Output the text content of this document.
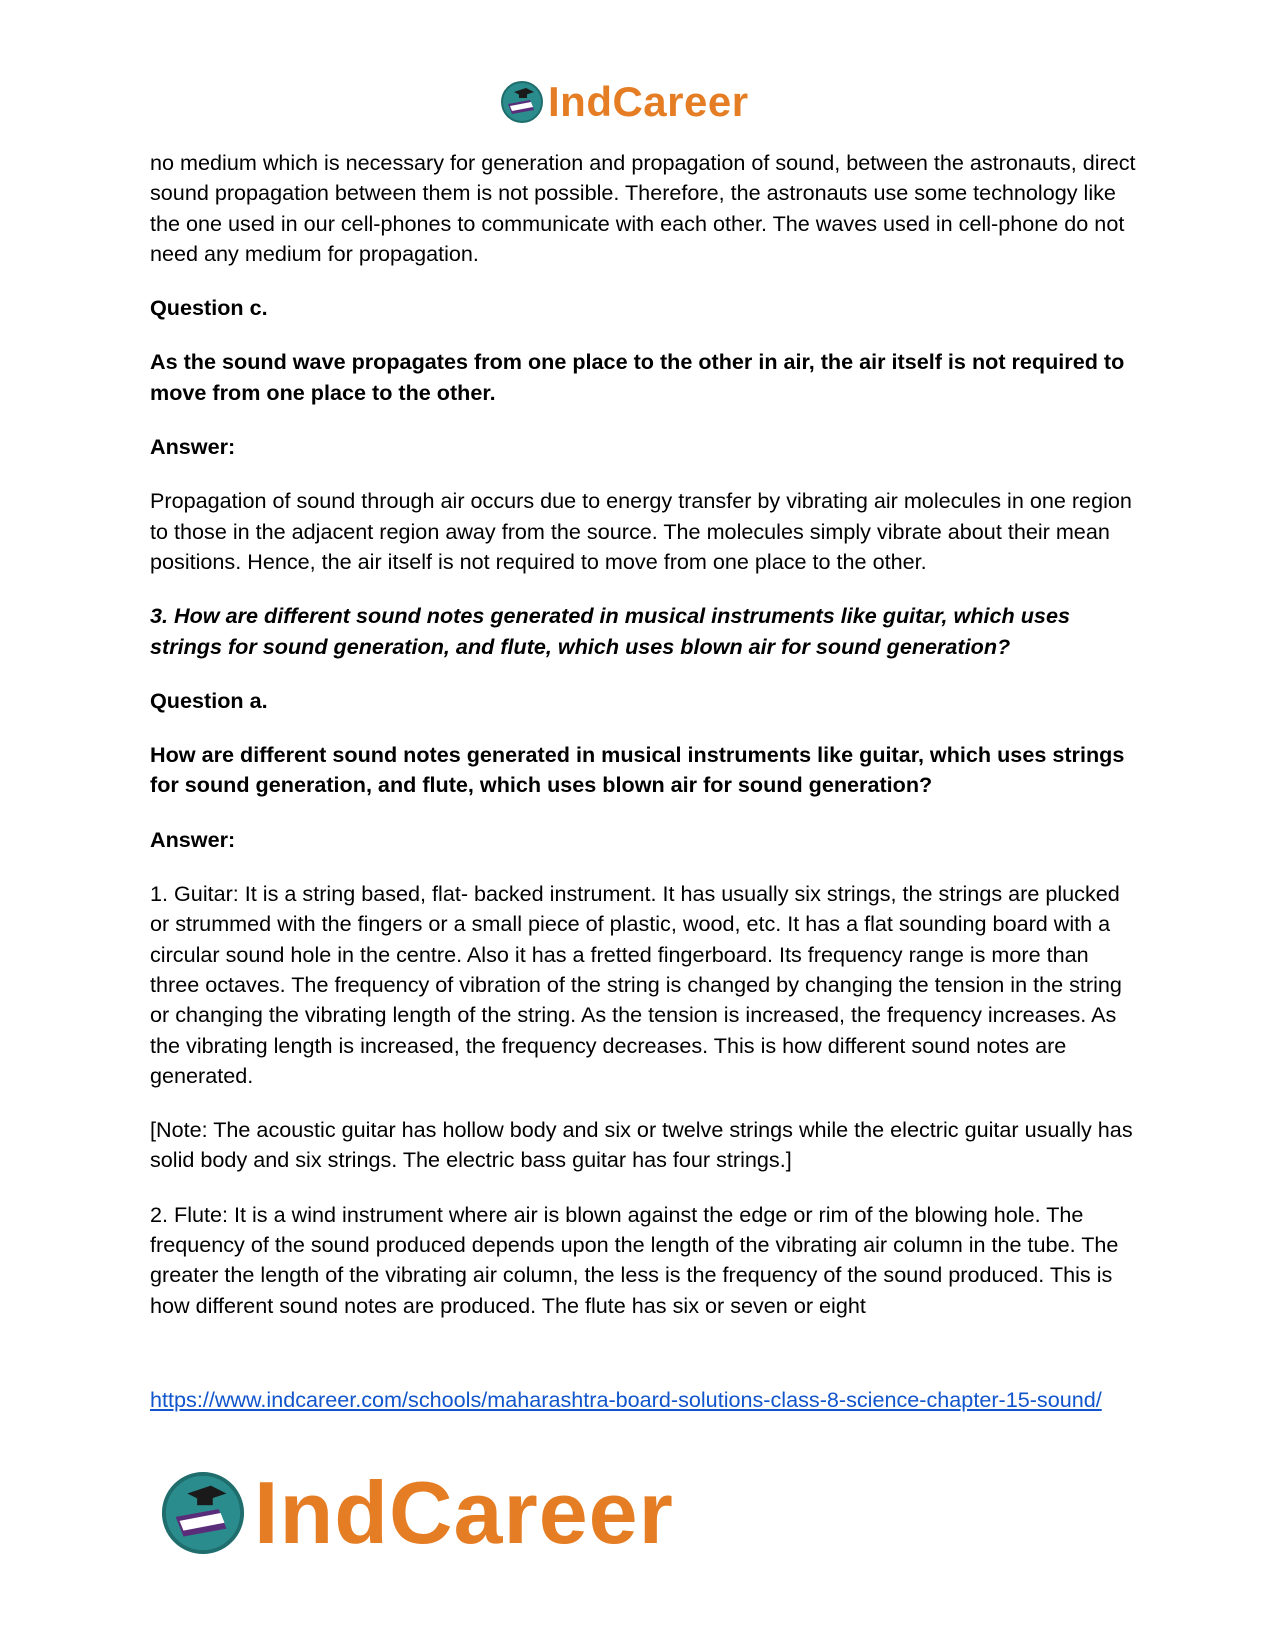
IndCareer

no medium which is necessary for generation and propagation of sound, between the astronauts, direct sound propagation between them is not possible. Therefore, the astronauts use some technology like the one used in our cell-phones to communicate with each other. The waves used in cell-phone do not need any medium for propagation.

Question c.

As the sound wave propagates from one place to the other in air, the air itself is not required to move from one place to the other.

Answer:

Propagation of sound through air occurs due to energy transfer by vibrating air molecules in one region to those in the adjacent region away from the source. The molecules simply vibrate about their mean positions. Hence, the air itself is not required to move from one place to the other.

3. How are different sound notes generated in musical instruments like guitar, which uses strings for sound generation, and flute, which uses blown air for sound generation?

Question a.

How are different sound notes generated in musical instruments like guitar, which uses strings for sound generation, and flute, which uses blown air for sound generation?

Answer:

1. Guitar: It is a string based, flat- backed instrument. It has usually six strings, the strings are plucked or strummed with the fingers or a small piece of plastic, wood, etc. It has a flat sounding board with a circular sound hole in the centre. Also it has a fretted fingerboard. Its frequency range is more than three octaves. The frequency of vibration of the string is changed by changing the tension in the string or changing the vibrating length of the string. As the tension is increased, the frequency increases. As the vibrating length is increased, the frequency decreases. This is how different sound notes are generated.

[Note: The acoustic guitar has hollow body and six or twelve strings while the electric guitar usually has solid body and six strings. The electric bass guitar has four strings.]

2. Flute: It is a wind instrument where air is blown against the edge or rim of the blowing hole. The frequency of the sound produced depends upon the length of the vibrating air column in the tube. The greater the length of the vibrating air column, the less is the frequency of the sound produced. This is how different sound notes are produced. The flute has six or seven or eight

https://www.indcareer.com/schools/maharashtra-board-solutions-class-8-science-chapter-15-sound/
IndCareer
